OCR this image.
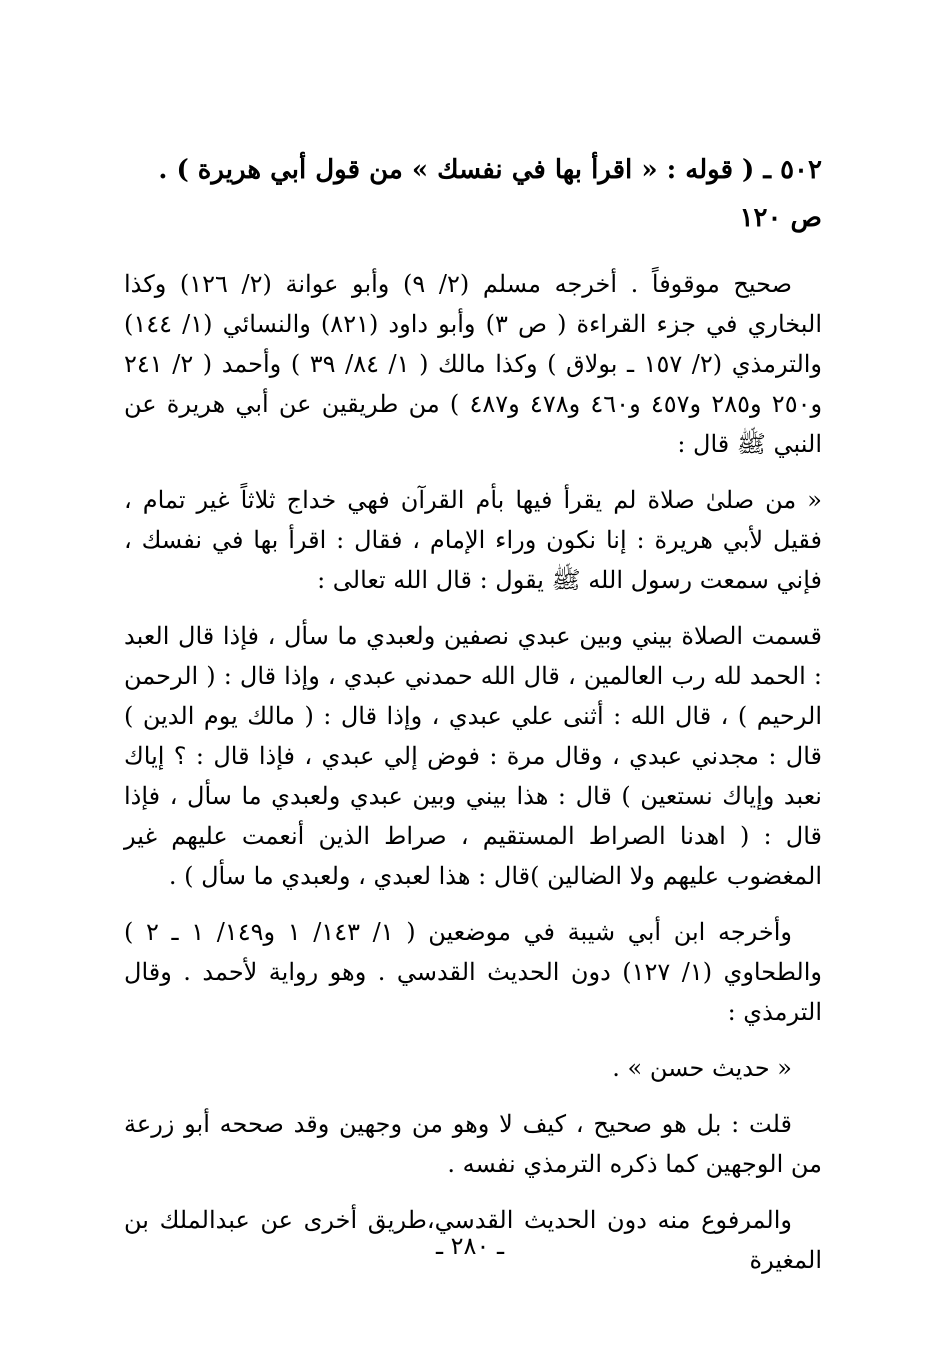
٥٠٢ ـ ( قوله : « اقرأ بها في نفسك » من قول أبي هريرة ) .
ص ١٢٠

صحيح موقوفاً . أخرجه مسلم (٢/ ٩) وأبو عوانة (٢/ ١٢٦) وكذا البخاري في جزء القراءة ( ص ٣) وأبو داود (٨٢١) والنسائي (١/ ١٤٤) والترمذي (٢/ ١٥٧ ـ بولاق ) وكذا مالك ( ١/ ٨٤/ ٣٩ ) وأحمد ( ٢/ ٢٤١ و٢٥٠ و٢٨٥ و٤٥٧ و٤٦٠ و٤٧٨ و٤٨٧ ) من طريقين عن أبي هريرة عن النبي ﷺ قال :

« من صلىٰ صلاة لم يقرأ فيها بأم القرآن فهي خداج ثلاثاً غير تمام ، فقيل لأبي هريرة : إنا نكون وراء الإمام ، فقال : اقرأ بها في نفسك ، فإني سمعت رسول الله ﷺ يقول : قال الله تعالى :

قسمت الصلاة بيني وبين عبدي نصفين ولعبدي ما سأل ، فإذا قال العبد : الحمد لله رب العالمين ، قال الله حمدني عبدي ، وإذا قال : ( الرحمن الرحيم ) ، قال الله : أثنى علي عبدي ، وإذا قال : ( مالك يوم الدين ) قال : مجدني عبدي ، وقال مرة : فوض إلي عبدي ، فإذا قال : ؟ إياك نعبد وإياك نستعين ) قال : هذا بيني وبين عبدي ولعبدي ما سأل ، فإذا قال : ( اهدنا الصراط المستقيم ، صراط الذين أنعمت عليهم غير المغضوب عليهم ولا الضالين )قال : هذا لعبدي ، ولعبدي ما سأل ) .

وأخرجه ابن أبي شيبة في موضعين ( ١/ ١٤٣/ ١ و١٤٩/ ١ ـ ٢ ) والطحاوي (١/ ١٢٧) دون الحديث القدسي . وهو رواية لأحمد . وقال الترمذي :

« حديث حسن » .

قلت : بل هو صحيح ، كيف لا وهو من وجهين وقد صححه أبو زرعة من الوجهين كما ذكره الترمذي نفسه .

والمرفوع منه دون الحديث القدسي،طريق أخرى عن عبدالملك بن المغيرة

ـ ٢٨٠ ـ
